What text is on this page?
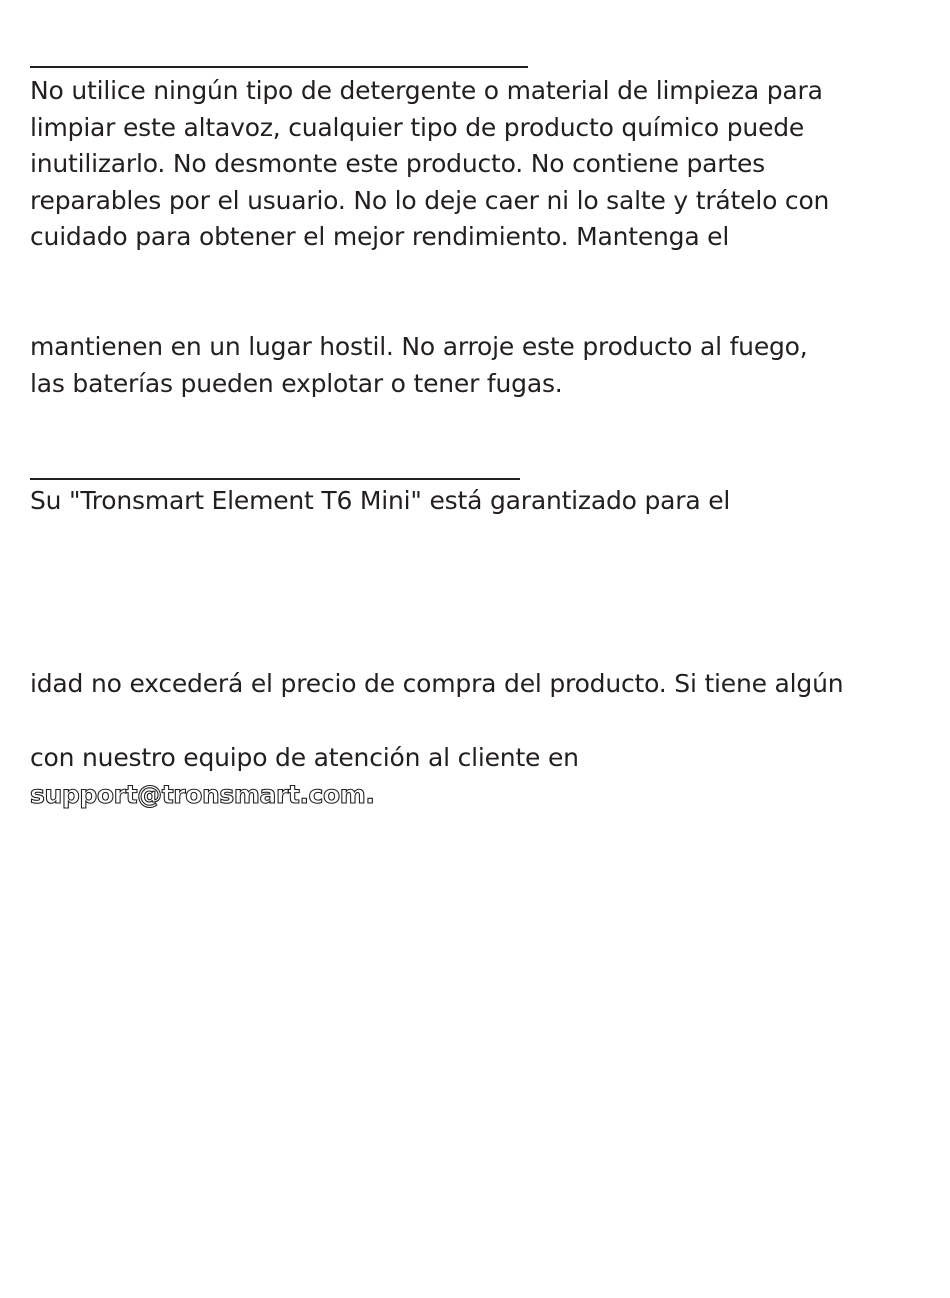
No utilice ningún tipo de detergente o material de limpieza para
limpiar este altavoz, cualquier tipo de producto químico puede
inutilizarlo. No desmonte este producto. No contiene partes
reparables por el usuario. No lo deje caer ni lo salte y trátelo con
cuidado para obtener el mejor rendimiento. Mantenga el
mantienen en un lugar hostil. No arroje este producto al fuego,
las baterías pueden explotar o tener fugas.
Su "Tronsmart Element T6 Mini" está garantizado para el
idad no excederá el precio de compra del producto. Si tiene algún
con nuestro equipo de atención al cliente en
support@tronsmart.com.
